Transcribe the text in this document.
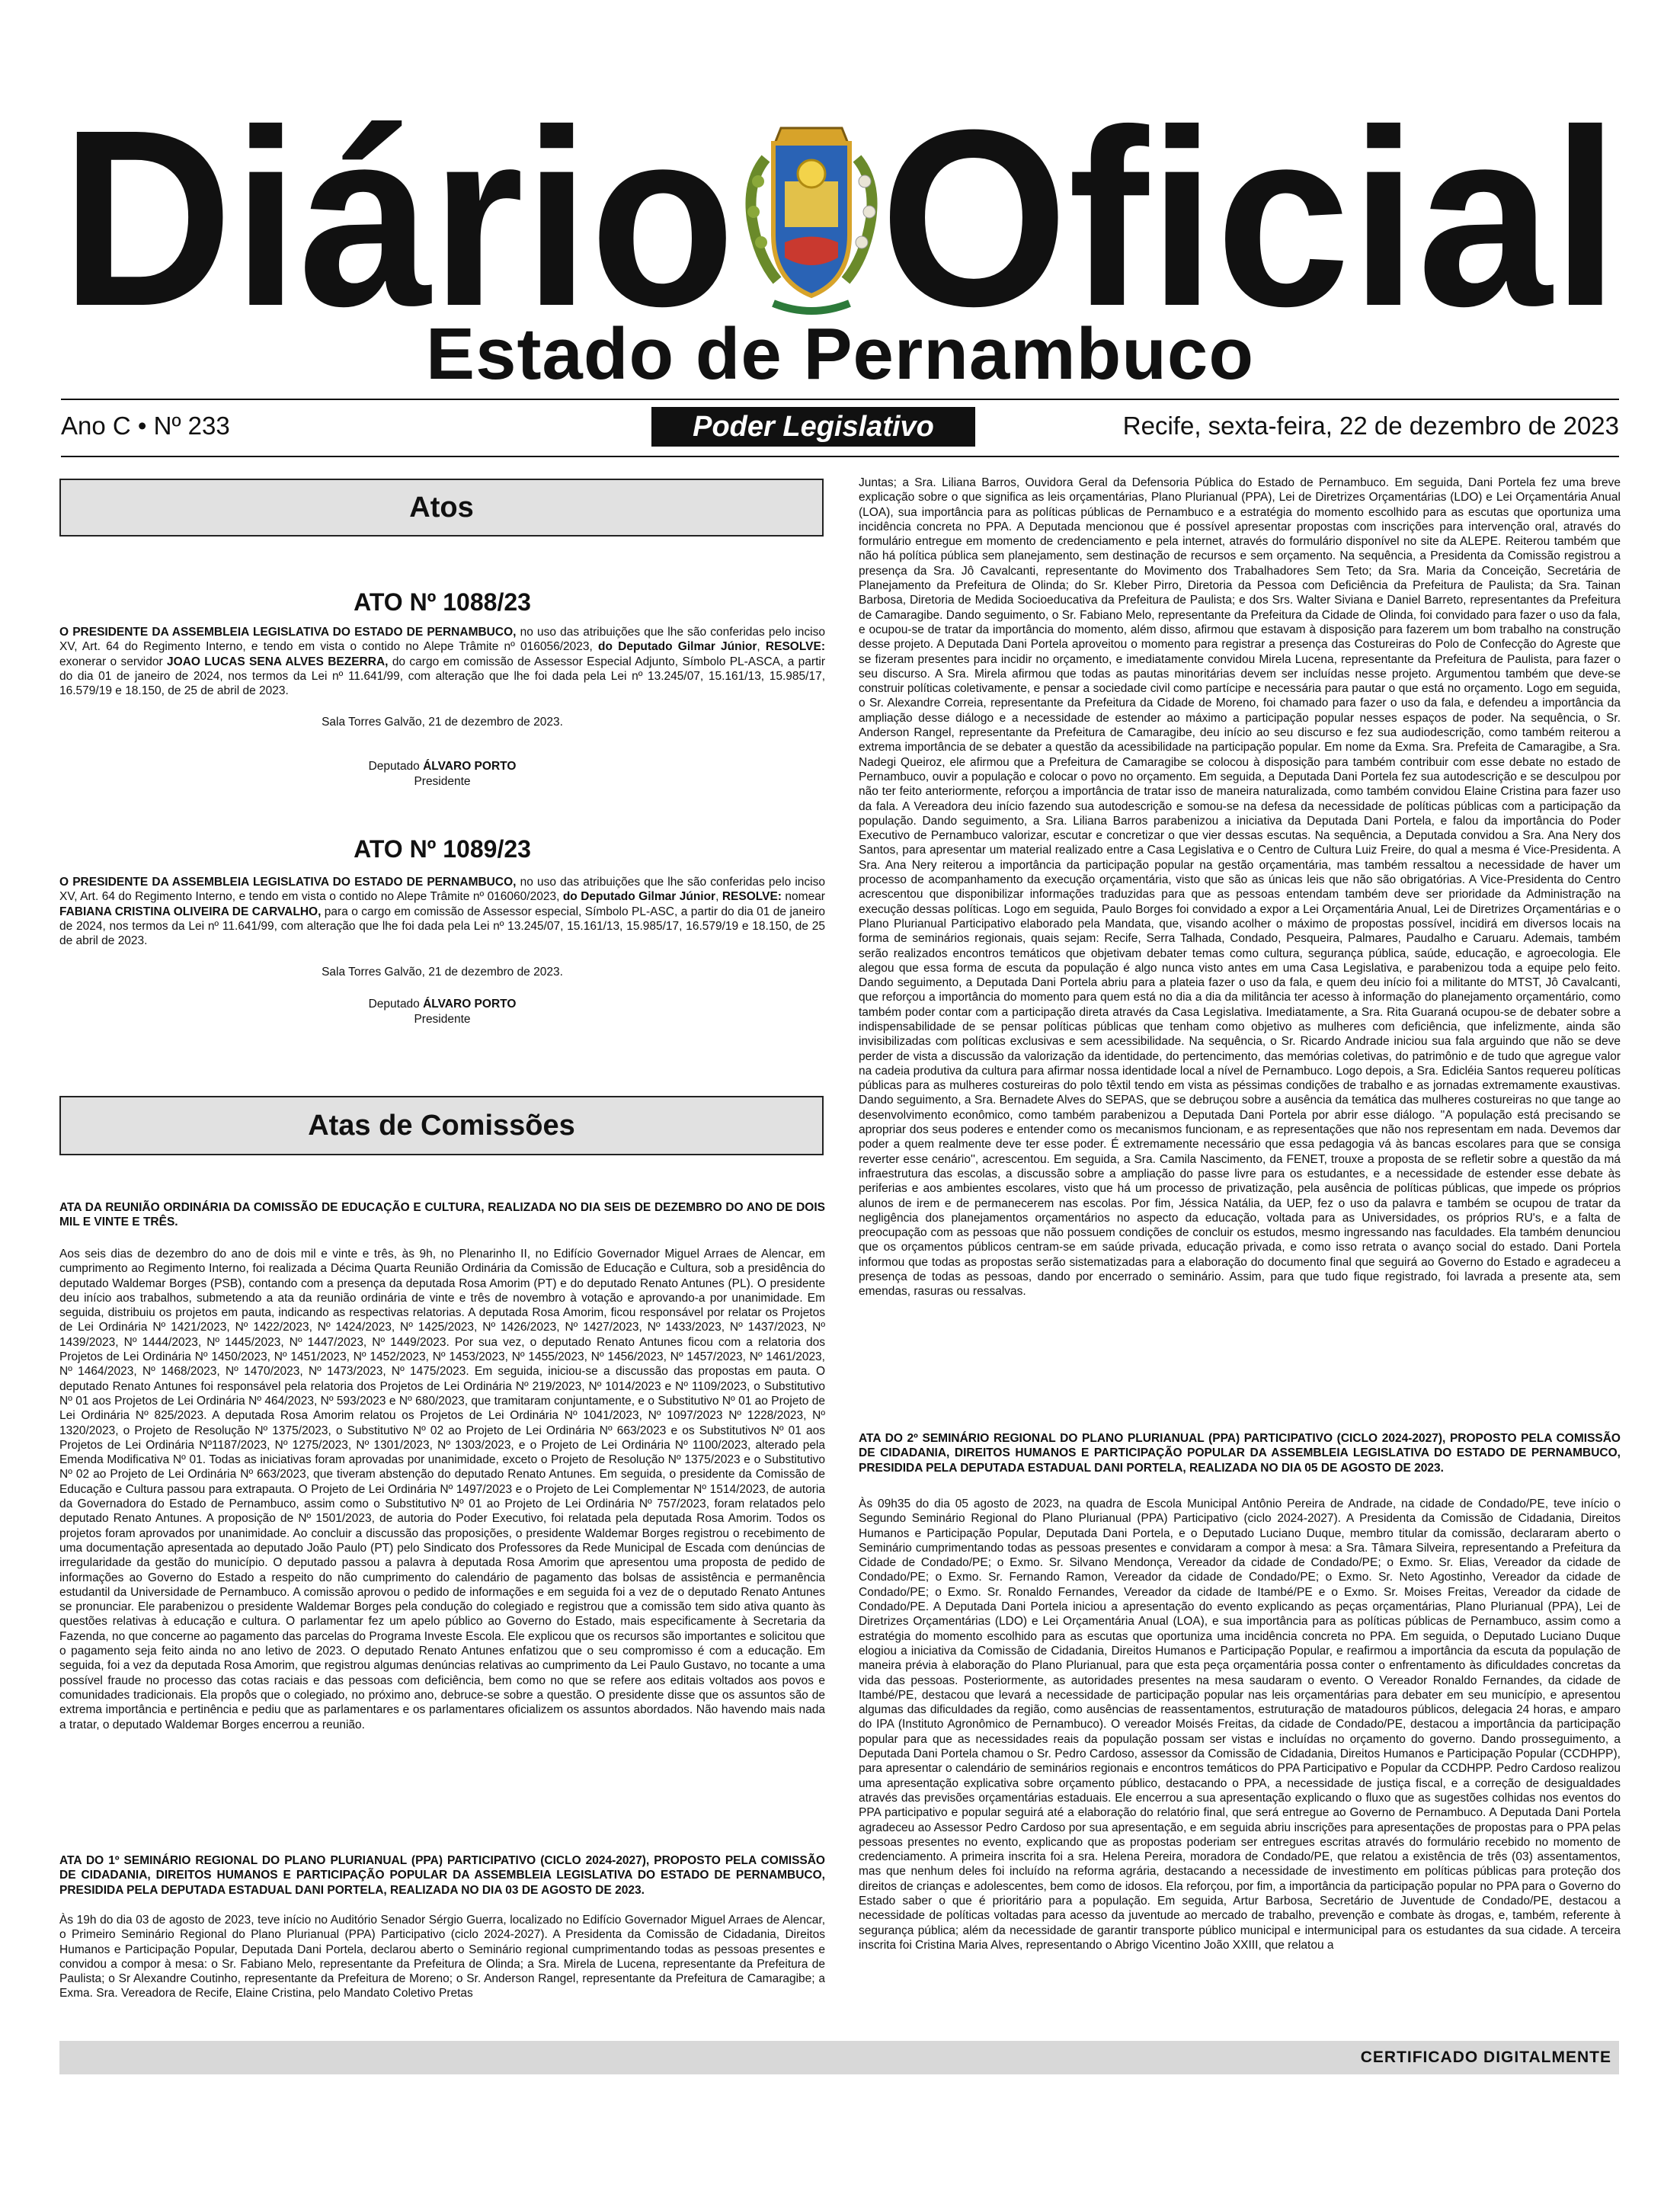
Diário Oficial
Estado de Pernambuco
Ano C • Nº 233	Poder Legislativo	Recife, sexta-feira, 22 de dezembro de 2023
Atos
ATO Nº 1088/23

O PRESIDENTE DA ASSEMBLEIA LEGISLATIVA DO ESTADO DE PERNAMBUCO, no uso das atribuições que lhe são conferidas pelo inciso XV, Art. 64 do Regimento Interno, e tendo em vista o contido no Alepe Trâmite nº 016056/2023, do Deputado Gilmar Júnior, RESOLVE: exonerar o servidor JOAO LUCAS SENA ALVES BEZERRA, do cargo em comissão de Assessor Especial Adjunto, Símbolo PL-ASCA, a partir do dia 01 de janeiro de 2024, nos termos da Lei nº 11.641/99, com alteração que lhe foi dada pela Lei nº 13.245/07, 15.161/13, 15.985/17, 16.579/19 e 18.150, de 25 de abril de 2023.

Sala Torres Galvão, 21 de dezembro de 2023.
Deputado ÁLVARO PORTO
Presidente
ATO Nº 1089/23

O PRESIDENTE DA ASSEMBLEIA LEGISLATIVA DO ESTADO DE PERNAMBUCO, no uso das atribuições que lhe são conferidas pelo inciso XV, Art. 64 do Regimento Interno, e tendo em vista o contido no Alepe Trâmite nº 016060/2023, do Deputado Gilmar Júnior, RESOLVE: nomear FABIANA CRISTINA OLIVEIRA DE CARVALHO, para o cargo em comissão de Assessor especial, Símbolo PL-ASC, a partir do dia 01 de janeiro de 2024, nos termos da Lei nº 11.641/99, com alteração que lhe foi dada pela Lei nº 13.245/07, 15.161/13, 15.985/17, 16.579/19 e 18.150, de 25 de abril de 2023.

Sala Torres Galvão, 21 de dezembro de 2023.
Deputado ÁLVARO PORTO
Presidente
Atas de Comissões

ATA DA REUNIÃO ORDINÁRIA DA COMISSÃO DE EDUCAÇÃO E CULTURA, REALIZADA NO DIA SEIS DE DEZEMBRO DO ANO DE DOIS MIL E VINTE E TRÊS.

Aos seis dias de dezembro do ano de dois mil e vinte e três, às 9h, no Plenarinho II, no Edifício Governador Miguel Arraes de Alencar, em cumprimento ao Regimento Interno, foi realizada a Décima Quarta Reunião Ordinária da Comissão de Educação e Cultura, sob a presidência do deputado Waldemar Borges (PSB), contando com a presença da deputada Rosa Amorim (PT) e do deputado Renato Antunes (PL). O presidente deu início aos trabalhos, submetendo a ata da reunião ordinária de vinte e três de novembro à votação e aprovando-a por unanimidade. Em seguida, distribuiu os projetos em pauta, indicando as respectivas relatorias. A deputada Rosa Amorim, ficou responsável por relatar os Projetos de Lei Ordinária Nº 1421/2023, Nº 1422/2023, Nº 1424/2023, Nº 1425/2023, Nº 1426/2023, Nº 1427/2023, Nº 1433/2023, Nº 1437/2023, Nº 1439/2023, Nº 1444/2023, Nº 1445/2023, Nº 1447/2023, Nº 1449/2023. Por sua vez, o deputado Renato Antunes ficou com a relatoria dos Projetos de Lei Ordinária Nº 1450/2023, Nº 1451/2023, Nº 1452/2023, Nº 1453/2023, Nº 1455/2023, Nº 1456/2023, Nº 1457/2023, Nº 1461/2023, Nº 1464/2023, Nº 1468/2023, Nº 1470/2023, Nº 1473/2023, Nº 1475/2023. Em seguida, iniciou-se a discussão das propostas em pauta. O deputado Renato Antunes foi responsável pela relatoria dos Projetos de Lei Ordinária Nº 219/2023, Nº 1014/2023 e Nº 1109/2023, o Substitutivo Nº 01 aos Projetos de Lei Ordinária Nº 464/2023, Nº 593/2023 e Nº 680/2023, que tramitaram conjuntamente, e o Substitutivo Nº 01 ao Projeto de Lei Ordinária Nº 825/2023. A deputada Rosa Amorim relatou os Projetos de Lei Ordinária Nº 1041/2023, Nº 1097/2023 Nº 1228/2023, Nº 1320/2023, o Projeto de Resolução Nº 1375/2023, o Substitutivo Nº 02 ao Projeto de Lei Ordinária Nº 663/2023 e os Substitutivos Nº 01 aos Projetos de Lei Ordinária Nº1187/2023, Nº 1275/2023, Nº 1301/2023, Nº 1303/2023, e o Projeto de Lei Ordinária Nº 1100/2023, alterado pela Emenda Modificativa Nº 01. Todas as iniciativas foram aprovadas por unanimidade, exceto o Projeto de Resolução Nº 1375/2023 e o Substitutivo Nº 02 ao Projeto de Lei Ordinária Nº 663/2023, que tiveram abstenção do deputado Renato Antunes. Em seguida, o presidente da Comissão de Educação e Cultura passou para extrapauta. O Projeto de Lei Ordinária Nº 1497/2023 e o Projeto de Lei Complementar Nº 1514/2023, de autoria da Governadora do Estado de Pernambuco, assim como o Substitutivo Nº 01 ao Projeto de Lei Ordinária Nº 757/2023, foram relatados pelo deputado Renato Antunes. A proposição de Nº 1501/2023, de autoria do Poder Executivo, foi relatada pela deputada Rosa Amorim. Todos os projetos foram aprovados por unanimidade. Ao concluir a discussão das proposições, o presidente Waldemar Borges registrou o recebimento de uma documentação apresentada ao deputado João Paulo (PT) pelo Sindicato dos Professores da Rede Municipal de Escada com denúncias de irregularidade da gestão do município. O deputado passou a palavra à deputada Rosa Amorim que apresentou uma proposta de pedido de informações ao Governo do Estado a respeito do não cumprimento do calendário de pagamento das bolsas de assistência e permanência estudantil da Universidade de Pernambuco. A comissão aprovou o pedido de informações e em seguida foi a vez de o deputado Renato Antunes se pronunciar. Ele parabenizou o presidente Waldemar Borges pela condução do colegiado e registrou que a comissão tem sido ativa quanto às questões relativas à educação e cultura. O parlamentar fez um apelo público ao Governo do Estado, mais especificamente à Secretaria da Fazenda, no que concerne ao pagamento das parcelas do Programa Investe Escola. Ele explicou que os recursos são importantes e solicitou que o pagamento seja feito ainda no ano letivo de 2023. O deputado Renato Antunes enfatizou que o seu compromisso é com a educação. Em seguida, foi a vez da deputada Rosa Amorim, que registrou algumas denúncias relativas ao cumprimento da Lei Paulo Gustavo, no tocante a uma possível fraude no processo das cotas raciais e das pessoas com deficiência, bem como no que se refere aos editais voltados aos povos e comunidades tradicionais. Ela propôs que o colegiado, no próximo ano, debruce-se sobre a questão. O presidente disse que os assuntos são de extrema importância e pertinência e pediu que as parlamentares e os parlamentares oficializem os assuntos abordados. Não havendo mais nada a tratar, o deputado Waldemar Borges encerrou a reunião.

ATA DO 1º SEMINÁRIO REGIONAL DO PLANO PLURIANUAL (PPA) PARTICIPATIVO (CICLO 2024-2027), PROPOSTO PELA COMISSÃO DE CIDADANIA, DIREITOS HUMANOS E PARTICIPAÇÃO POPULAR DA ASSEMBLEIA LEGISLATIVA DO ESTADO DE PERNAMBUCO, PRESIDIDA PELA DEPUTADA ESTADUAL DANI PORTELA, REALIZADA NO DIA 03 DE AGOSTO DE 2023.

Às 19h do dia 03 de agosto de 2023, teve início no Auditório Senador Sérgio Guerra, localizado no Edifício Governador Miguel Arraes de Alencar, o Primeiro Seminário Regional do Plano Plurianual (PPA) Participativo (ciclo 2024-2027). A Presidenta da Comissão de Cidadania, Direitos Humanos e Participação Popular, Deputada Dani Portela, declarou aberto o Seminário regional cumprimentando todas as pessoas presentes e convidou a compor à mesa: o Sr. Fabiano Melo, representante da Prefeitura de Olinda; a Sra. Mirela de Lucena, representante da Prefeitura de Paulista; o Sr Alexandre Coutinho, representante da Prefeitura de Moreno; o Sr. Anderson Rangel, representante da Prefeitura de Camaragibe; a Exma. Sra. Vereadora de Recife, Elaine Cristina, pelo Mandato Coletivo Pretas

Juntas; a Sra. Liliana Barros, Ouvidora Geral da Defensoria Pública do Estado de Pernambuco. Em seguida, Dani Portela fez uma breve explicação sobre o que significa as leis orçamentárias, Plano Plurianual (PPA), Lei de Diretrizes Orçamentárias (LDO) e Lei Orçamentária Anual (LOA), sua importância para as políticas públicas de Pernambuco e a estratégia do momento escolhido para as escutas que oportuniza uma incidência concreta no PPA. A Deputada mencionou que é possível apresentar propostas com inscrições para intervenção oral, através do formulário entregue em momento de credenciamento e pela internet, através do formulário disponível no site da ALEPE. Reiterou também que não há política pública sem planejamento, sem destinação de recursos e sem orçamento. Na sequência, a Presidenta da Comissão registrou a presença da Sra. Jô Cavalcanti, representante do Movimento dos Trabalhadores Sem Teto; da Sra. Maria da Conceição, Secretária de Planejamento da Prefeitura de Olinda; do Sr. Kleber Pirro, Diretoria da Pessoa com Deficiência da Prefeitura de Paulista; da Sra. Tainan Barbosa, Diretoria de Medida Socioeducativa da Prefeitura de Paulista; e dos Srs. Walter Siviana e Daniel Barreto, representantes da Prefeitura de Camaragibe. Dando seguimento, o Sr. Fabiano Melo, representante da Prefeitura da Cidade de Olinda, foi convidado para fazer o uso da fala, e ocupou-se de tratar da importância do momento, além disso, afirmou que estavam à disposição para fazerem um bom trabalho na construção desse projeto. A Deputada Dani Portela aproveitou o momento para registrar a presença das Costureiras do Polo de Confecção do Agreste que se fizeram presentes para incidir no orçamento, e imediatamente convidou Mirela Lucena, representante da Prefeitura de Paulista, para fazer o seu discurso. A Sra. Mirela afirmou que todas as pautas minoritárias devem ser incluídas nesse projeto. Argumentou também que deve-se construir políticas coletivamente, e pensar a sociedade civil como partícipe e necessária para pautar o que está no orçamento. Logo em seguida, o Sr. Alexandre Correia, representante da Prefeitura da Cidade de Moreno, foi chamado para fazer o uso da fala, e defendeu a importância da ampliação desse diálogo e a necessidade de estender ao máximo a participação popular nesses espaços de poder. Na sequência, o Sr. Anderson Rangel, representante da Prefeitura de Camaragibe, deu início ao seu discurso e fez sua audiodescrição, como também reiterou a extrema importância de se debater a questão da acessibilidade na participação popular. Em nome da Exma. Sra. Prefeita de Camaragibe, a Sra. Nadegi Queiroz, ele afirmou que a Prefeitura de Camaragibe se colocou à disposição para também contribuir com esse debate no estado de Pernambuco, ouvir a população e colocar o povo no orçamento. Em seguida, a Deputada Dani Portela fez sua autodescrição e se desculpou por não ter feito anteriormente, reforçou a importância de tratar isso de maneira naturalizada, como também convidou Elaine Cristina para fazer uso da fala. A Vereadora deu início fazendo sua autodescrição e somou-se na defesa da necessidade de políticas públicas com a participação da população. Dando seguimento, a Sra. Liliana Barros parabenizou a iniciativa da Deputada Dani Portela, e falou da importância do Poder Executivo de Pernambuco valorizar, escutar e concretizar o que vier dessas escutas. Na sequência, a Deputada convidou a Sra. Ana Nery dos Santos, para apresentar um material realizado entre a Casa Legislativa e o Centro de Cultura Luiz Freire, do qual a mesma é Vice-Presidenta. A Sra. Ana Nery reiterou a importância da participação popular na gestão orçamentária, mas também ressaltou a necessidade de haver um processo de acompanhamento da execução orçamentária, visto que são as únicas leis que não são obrigatórias. A Vice-Presidenta do Centro acrescentou que disponibilizar informações traduzidas para que as pessoas entendam também deve ser prioridade da Administração na execução dessas políticas. Logo em seguida, Paulo Borges foi convidado a expor a Lei Orçamentária Anual, Lei de Diretrizes Orçamentárias e o Plano Plurianual Participativo elaborado pela Mandata, que, visando acolher o máximo de propostas possível, incidirá em diversos locais na forma de seminários regionais, quais sejam: Recife, Serra Talhada, Condado, Pesqueira, Palmares, Paudalho e Caruaru. Ademais, também serão realizados encontros temáticos que objetivam debater temas como cultura, segurança pública, saúde, educação, e agroecologia. Ele alegou que essa forma de escuta da população é algo nunca visto antes em uma Casa Legislativa, e parabenizou toda a equipe pelo feito. Dando seguimento, a Deputada Dani Portela abriu para a plateia fazer o uso da fala, e quem deu início foi a militante do MTST, Jô Cavalcanti, que reforçou a importância do momento para quem está no dia a dia da militância ter acesso à informação do planejamento orçamentário, como também poder contar com a participação direta através da Casa Legislativa. Imediatamente, a Sra. Rita Guaraná ocupou-se de debater sobre a indispensabilidade de se pensar políticas públicas que tenham como objetivo as mulheres com deficiência, que infelizmente, ainda são invisibilizadas com políticas exclusivas e sem acessibilidade. Na sequência, o Sr. Ricardo Andrade iniciou sua fala arguindo que não se deve perder de vista a discussão da valorização da identidade, do pertencimento, das memórias coletivas, do patrimônio e de tudo que agregue valor na cadeia produtiva da cultura para afirmar nossa identidade local a nível de Pernambuco. Logo depois, a Sra. Edicléia Santos requereu políticas públicas para as mulheres costureiras do polo têxtil tendo em vista as péssimas condições de trabalho e as jornadas extremamente exaustivas. Dando seguimento, a Sra. Bernadete Alves do SEPAS, que se debruçou sobre a ausência da temática das mulheres costureiras no que tange ao desenvolvimento econômico, como também parabenizou a Deputada Dani Portela por abrir esse diálogo. ''A população está precisando se apropriar dos seus poderes e entender como os mecanismos funcionam, e as representações que não nos representam em nada. Devemos dar poder a quem realmente deve ter esse poder. É extremamente necessário que essa pedagogia vá às bancas escolares para que se consiga reverter esse cenário'', acrescentou. Em seguida, a Sra. Camila Nascimento, da FENET, trouxe a proposta de se refletir sobre a questão da má infraestrutura das escolas, a discussão sobre a ampliação do passe livre para os estudantes, e a necessidade de estender esse debate às periferias e aos ambientes escolares, visto que há um processo de privatização, pela ausência de políticas públicas, que impede os próprios alunos de irem e de permanecerem nas escolas. Por fim, Jéssica Natália, da UEP, fez o uso da palavra e também se ocupou de tratar da negligência dos planejamentos orçamentários no aspecto da educação, voltada para as Universidades, os próprios RU's, e a falta de preocupação com as pessoas que não possuem condições de concluir os estudos, mesmo ingressando nas faculdades. Ela também denunciou que os orçamentos públicos centram-se em saúde privada, educação privada, e como isso retrata o avanço social do estado. Dani Portela informou que todas as propostas serão sistematizadas para a elaboração do documento final que seguirá ao Governo do Estado e agradeceu a presença de todas as pessoas, dando por encerrado o seminário. Assim, para que tudo fique registrado, foi lavrada a presente ata, sem emendas, rasuras ou ressalvas.

ATA DO 2º SEMINÁRIO REGIONAL DO PLANO PLURIANUAL (PPA) PARTICIPATIVO (CICLO 2024-2027), PROPOSTO PELA COMISSÃO DE CIDADANIA, DIREITOS HUMANOS E PARTICIPAÇÃO POPULAR DA ASSEMBLEIA LEGISLATIVA DO ESTADO DE PERNAMBUCO, PRESIDIDA PELA DEPUTADA ESTADUAL DANI PORTELA, REALIZADA NO DIA 05 DE AGOSTO DE 2023.

Às 09h35 do dia 05 agosto de 2023, na quadra de Escola Municipal Antônio Pereira de Andrade, na cidade de Condado/PE, teve início o Segundo Seminário Regional do Plano Plurianual (PPA) Participativo (ciclo 2024-2027). A Presidenta da Comissão de Cidadania, Direitos Humanos e Participação Popular, Deputada Dani Portela, e o Deputado Luciano Duque, membro titular da comissão, declararam aberto o Seminário cumprimentando todas as pessoas presentes e convidaram a compor à mesa: a Sra. Tâmara Silveira, representando a Prefeitura da Cidade de Condado/PE; o Exmo. Sr. Silvano Mendonça, Vereador da cidade de Condado/PE; o Exmo. Sr. Elias, Vereador da cidade de Condado/PE; o Exmo. Sr. Fernando Ramon, Vereador da cidade de Condado/PE; o Exmo. Sr. Neto Agostinho, Vereador da cidade de Condado/PE; o Exmo. Sr. Ronaldo Fernandes, Vereador da cidade de Itambé/PE e o Exmo. Sr. Moises Freitas, Vereador da cidade de Condado/PE. A Deputada Dani Portela iniciou a apresentação do evento explicando as peças orçamentárias, Plano Plurianual (PPA), Lei de Diretrizes Orçamentárias (LDO) e Lei Orçamentária Anual (LOA), e sua importância para as políticas públicas de Pernambuco, assim como a estratégia do momento escolhido para as escutas que oportuniza uma incidência concreta no PPA. Em seguida, o Deputado Luciano Duque elogiou a iniciativa da Comissão de Cidadania, Direitos Humanos e Participação Popular, e reafirmou a importância da escuta da população de maneira prévia à elaboração do Plano Plurianual, para que esta peça orçamentária possa conter o enfrentamento às dificuldades concretas da vida das pessoas. Posteriormente, as autoridades presentes na mesa saudaram o evento. O Vereador Ronaldo Fernandes, da cidade de Itambé/PE, destacou que levará a necessidade de participação popular nas leis orçamentárias para debater em seu município, e apresentou algumas das dificuldades da região, como ausências de reassentamentos, estruturação de matadouros públicos, delegacia 24 horas, e amparo do IPA (Instituto Agronômico de Pernambuco). O vereador Moisés Freitas, da cidade de Condado/PE, destacou a importância da participação popular para que as necessidades reais da população possam ser vistas e incluídas no orçamento do governo. Dando prosseguimento, a Deputada Dani Portela chamou o Sr. Pedro Cardoso, assessor da Comissão de Cidadania, Direitos Humanos e Participação Popular (CCDHPP), para apresentar o calendário de seminários regionais e encontros temáticos do PPA Participativo e Popular da CCDHPP. Pedro Cardoso realizou uma apresentação explicativa sobre orçamento público, destacando o PPA, a necessidade de justiça fiscal, e a correção de desigualdades através das previsões orçamentárias estaduais. Ele encerrou a sua apresentação explicando o fluxo que as sugestões colhidas nos eventos do PPA participativo e popular seguirá até a elaboração do relatório final, que será entregue ao Governo de Pernambuco. A Deputada Dani Portela agradeceu ao Assessor Pedro Cardoso por sua apresentação, e em seguida abriu inscrições para apresentações de propostas para o PPA pelas pessoas presentes no evento, explicando que as propostas poderiam ser entregues escritas através do formulário recebido no momento de credenciamento. A primeira inscrita foi a sra. Helena Pereira, moradora de Condado/PE, que relatou a existência de três (03) assentamentos, mas que nenhum deles foi incluído na reforma agrária, destacando a necessidade de investimento em políticas públicas para proteção dos direitos de crianças e adolescentes, bem como de idosos. Ela reforçou, por fim, a importância da participação popular no PPA para o Governo do Estado saber o que é prioritário para a população. Em seguida, Artur Barbosa, Secretário de Juventude de Condado/PE, destacou a necessidade de políticas voltadas para acesso da juventude ao mercado de trabalho, prevenção e combate às drogas, e, também, referente à segurança pública; além da necessidade de garantir transporte público municipal e intermunicipal para os estudantes da sua cidade. A terceira inscrita foi Cristina Maria Alves, representando o Abrigo Vicentino João XXIII, que relatou a

CERTIFICADO DIGITALMENTE
